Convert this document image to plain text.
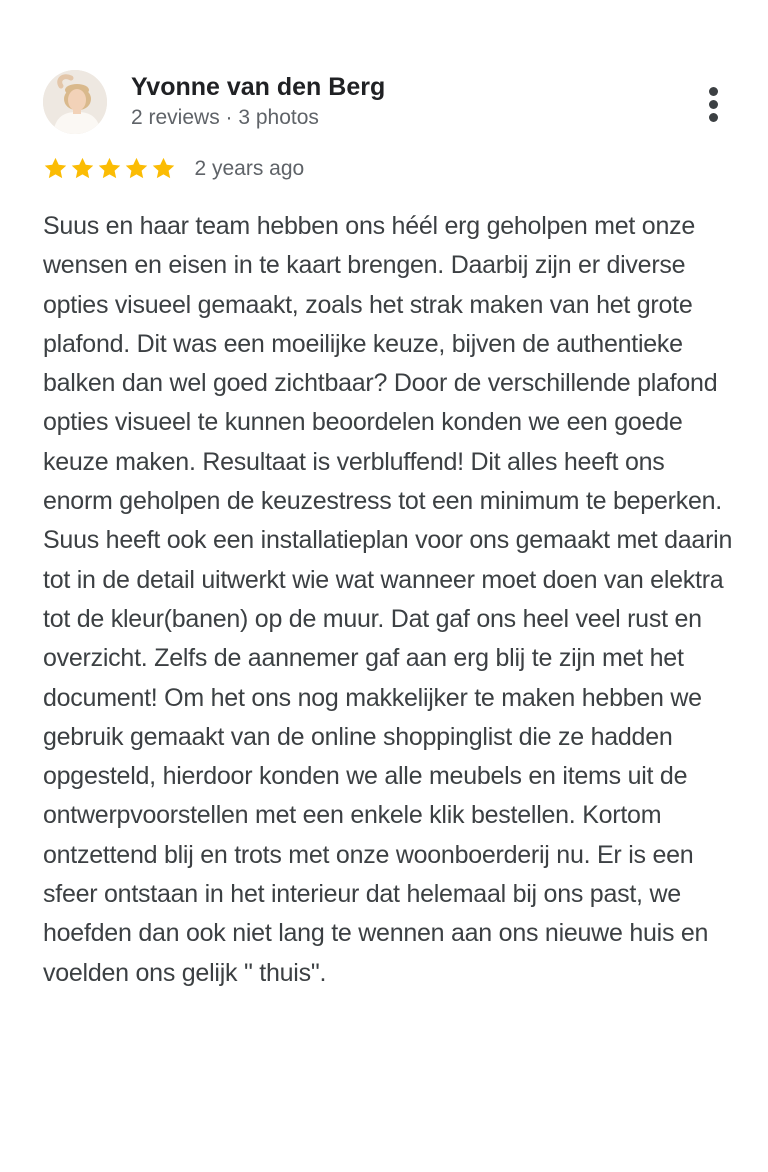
Yvonne van den Berg
2 reviews · 3 photos
2 years ago

Suus en haar team hebben ons héél erg geholpen met onze wensen en eisen in te kaart brengen. Daarbij zijn er diverse opties visueel gemaakt, zoals het strak maken van het grote plafond. Dit was een moeilijke keuze, bijven de authentieke balken dan wel goed zichtbaar? Door de verschillende plafond opties visueel te kunnen beoordelen konden we een goede keuze maken. Resultaat is verbluffend! Dit alles heeft ons enorm geholpen de keuzestress tot een minimum te beperken. Suus heeft ook een installatieplan voor ons gemaakt met daarin tot in de detail uitwerkt wie wat wanneer moet doen van elektra tot de kleur(banen) op de muur. Dat gaf ons heel veel rust en overzicht. Zelfs de aannemer gaf aan erg blij te zijn met het document! Om het ons nog makkelijker te maken hebben we gebruik gemaakt van de online shoppinglist die ze hadden opgesteld, hierdoor konden we alle meubels en items uit de ontwerpvoorstellen met een enkele klik bestellen. Kortom ontzettend blij en trots met onze woonboerderij nu. Er is een sfeer ontstaan in het interieur dat helemaal bij ons past, we hoefden dan ook niet lang te wennen aan ons nieuwe huis en voelden ons gelijk " thuis".
